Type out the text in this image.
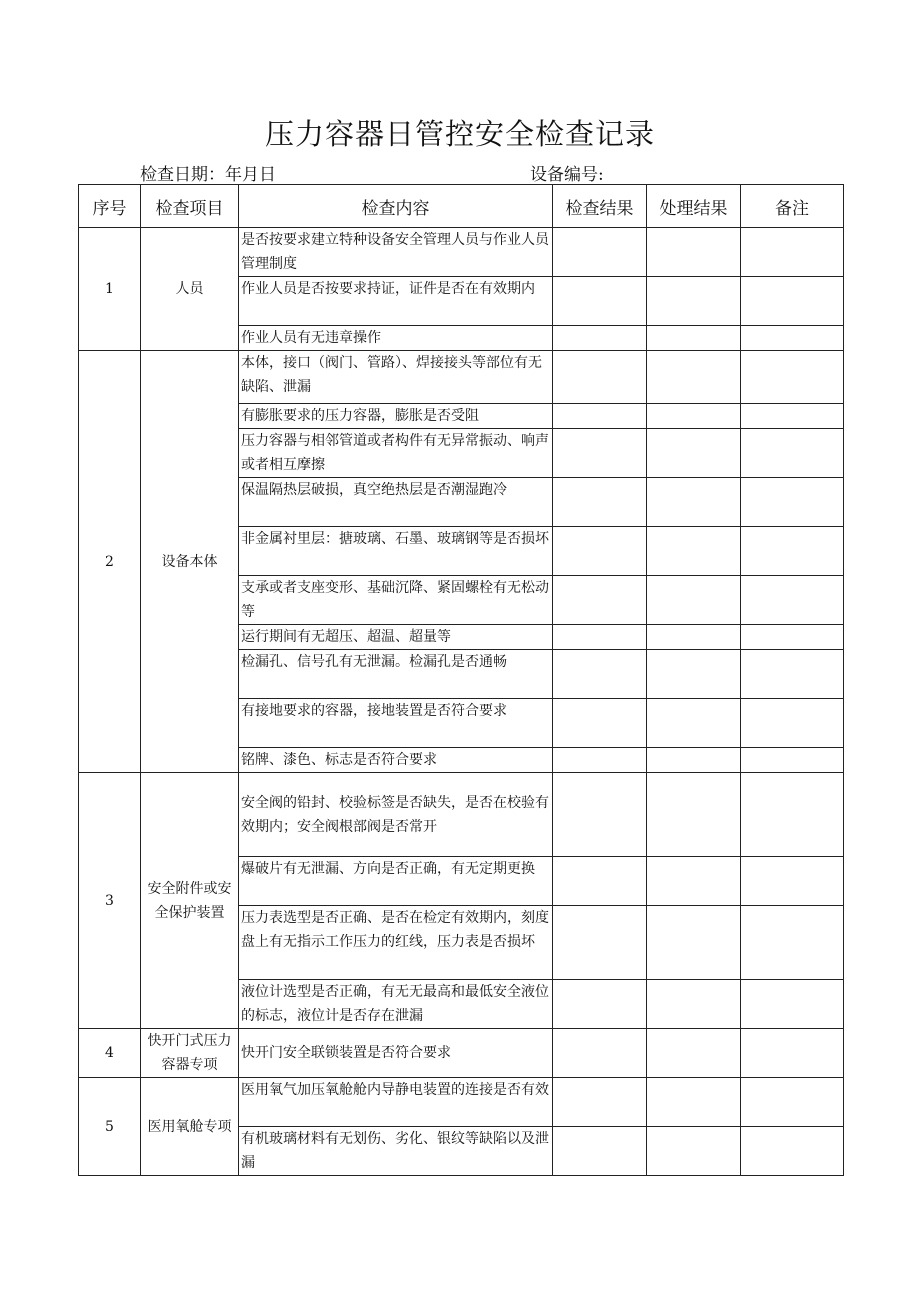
压力容器日管控安全检查记录
检查日期：年月日	设备编号:
序号	检查项目	检查内容	检查结果	处理结果	备注
1	人员	是否按要求建立特种设备安全管理人员与作业人员管理制度			
		作业人员是否按要求持证，证件是否在有效期内			
		作业人员有无违章操作			
2	设备本体	本体，接口（阀门、管路）、焊接接头等部位有无缺陷、泄漏			
		有膨胀要求的压力容器，膨胀是否受阻			
		压力容器与相邻管道或者构件有无异常振动、响声或者相互摩擦			
		保温隔热层破损，真空绝热层是否潮湿跑冷			
		非金属衬里层：搪玻璃、石墨、玻璃钢等是否损坏			
		支承或者支座变形、基础沉降、紧固螺栓有无松动等			
		运行期间有无超压、超温、超量等			
		检漏孔、信号孔有无泄漏。检漏孔是否通畅			
		有接地要求的容器，接地装置是否符合要求			
		铭牌、漆色、标志是否符合要求			
3	安全附件或安全保护装置	安全阀的铅封、校验标签是否缺失，是否在校验有效期内；安全阀根部阀是否常开			
		爆破片有无泄漏、方向是否正确，有无定期更换			
		压力表选型是否正确、是否在检定有效期内，刻度盘上有无指示工作压力的红线，压力表是否损坏			
		液位计选型是否正确，有无无最高和最低安全液位的标志，液位计是否存在泄漏			
4	快开门式压力容器专项	快开门安全联锁装置是否符合要求			
5	医用氧舱专项	医用氧气加压氧舱舱内导静电装置的连接是否有效			
		有机玻璃材料有无划伤、劣化、银纹等缺陷以及泄漏			
